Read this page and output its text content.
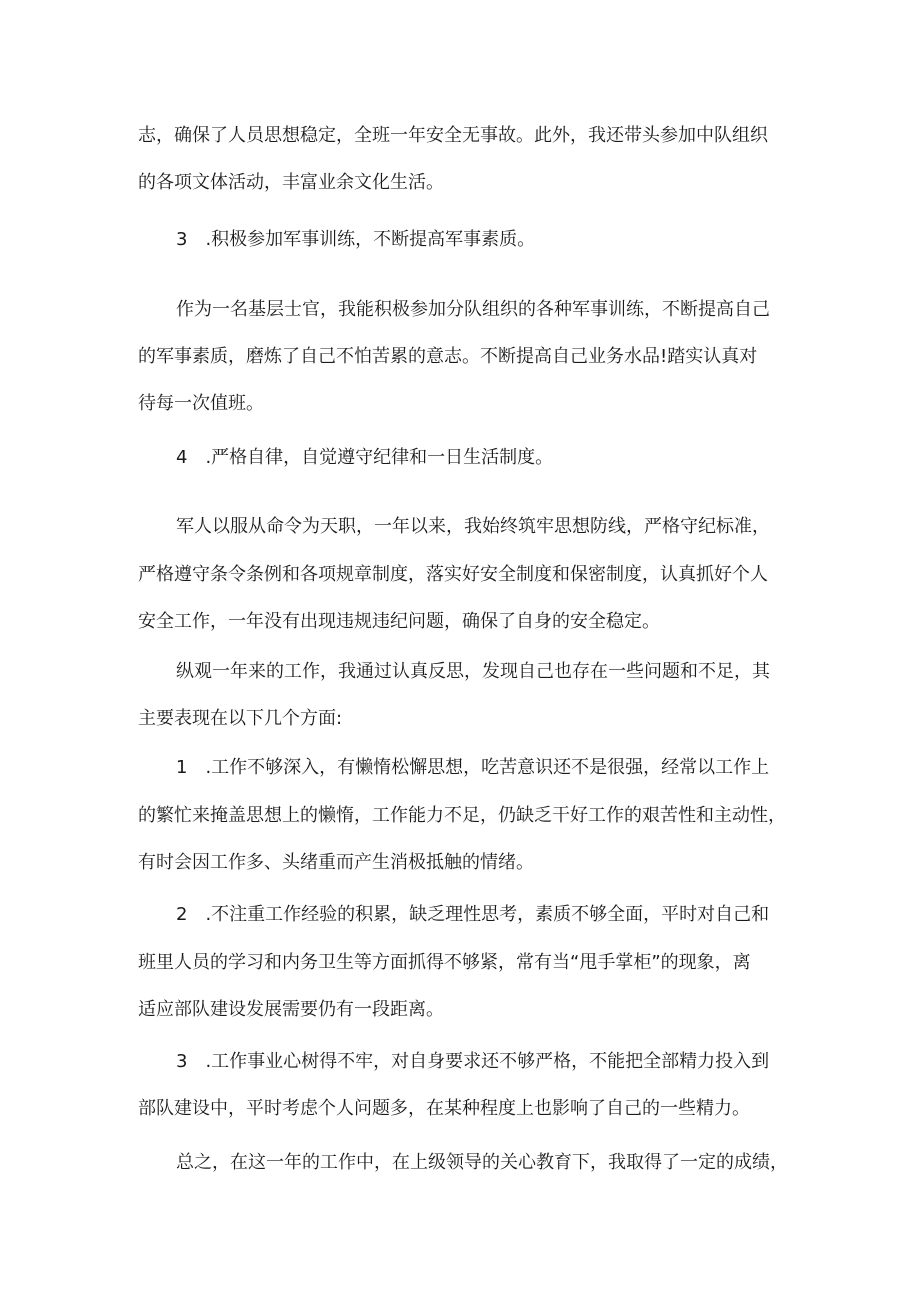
志，确保了人员思想稳定，全班一年安全无事故。此外，我还带头参加中队组织
的各项文体活动，丰富业余文化生活。
3　.积极参加军事训练，不断提高军事素质。
作为一名基层士官，我能积极参加分队组织的各种军事训练，不断提高自己
的军事素质，磨炼了自己不怕苦累的意志。不断提高自己业务水品!踏实认真对
待每一次值班。
4　.严格自律，自觉遵守纪律和一日生活制度。
军人以服从命令为天职，一年以来，我始终筑牢思想防线，严格守纪标准，
严格遵守条令条例和各项规章制度，落实好安全制度和保密制度，认真抓好个人
安全工作，一年没有出现违规违纪问题，确保了自身的安全稳定。
纵观一年来的工作，我通过认真反思，发现自己也存在一些问题和不足，其
主要表现在以下几个方面:
1　.工作不够深入，有懒惰松懈思想，吃苦意识还不是很强，经常以工作上
的繁忙来掩盖思想上的懒惰，工作能力不足，仍缺乏干好工作的艰苦性和主动性，
有时会因工作多、头绪重而产生消极抵触的情绪。
2　.不注重工作经验的积累，缺乏理性思考，素质不够全面，平时对自己和
班里人员的学习和内务卫生等方面抓得不够紧，常有当“甩手掌柜”的现象，离
适应部队建设发展需要仍有一段距离。
3　.工作事业心树得不牢，对自身要求还不够严格，不能把全部精力投入到
部队建设中，平时考虑个人问题多，在某种程度上也影响了自己的一些精力。
总之，在这一年的工作中，在上级领导的关心教育下，我取得了一定的成绩，
